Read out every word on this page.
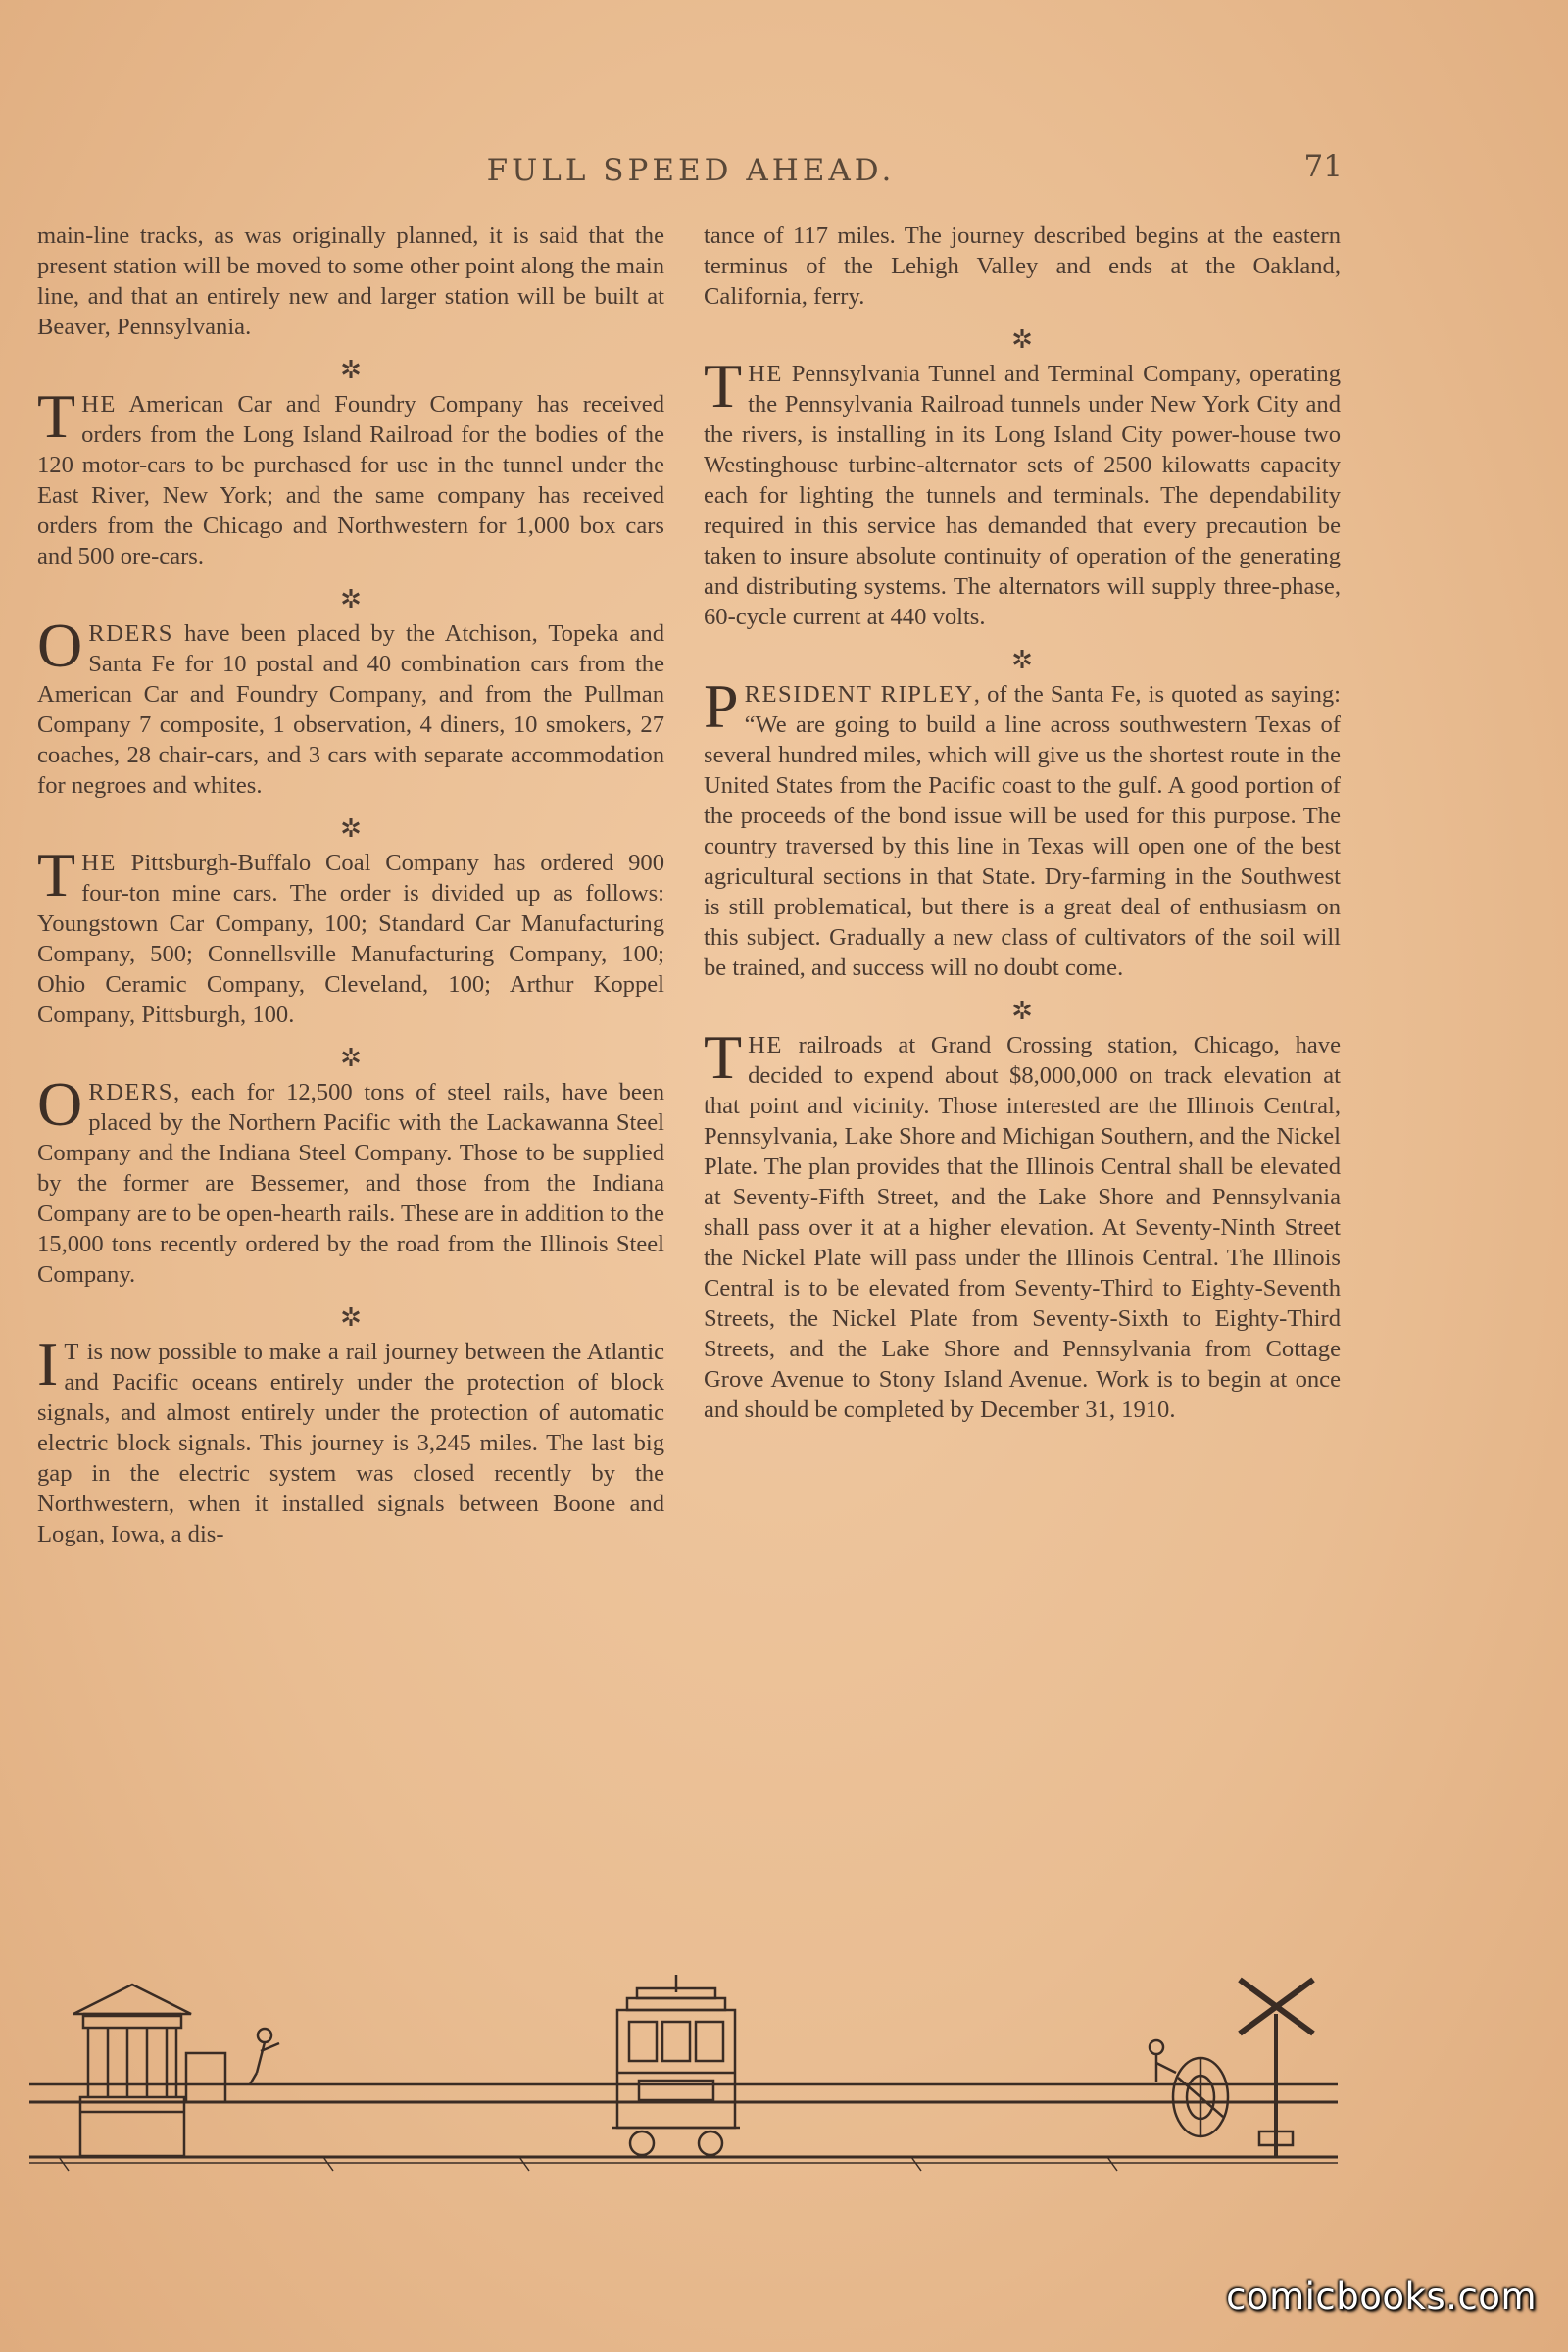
FULL SPEED AHEAD.	71

main-line tracks, as was originally planned, it is said that the present station will be moved to some other point along the main line, and that an entirely new and larger station will be built at Beaver, Pennsylvania.

✲

THE American Car and Foundry Company has received orders from the Long Island Railroad for the bodies of the 120 motor-cars to be purchased for use in the tunnel under the East River, New York; and the same company has received orders from the Chicago and Northwestern for 1,000 box cars and 500 ore-cars.

✲

ORDERS have been placed by the Atchison, Topeka and Santa Fe for 10 postal and 40 combination cars from the American Car and Foundry Company, and from the Pullman Company 7 composite, 1 observation, 4 diners, 10 smokers, 27 coaches, 28 chair-cars, and 3 cars with separate accommodation for negroes and whites.

✲

THE Pittsburgh-Buffalo Coal Company has ordered 900 four-ton mine cars. The order is divided up as follows: Youngstown Car Company, 100; Standard Car Manufacturing Company, 500; Connellsville Manufacturing Company, 100; Ohio Ceramic Company, Cleveland, 100; Arthur Koppel Company, Pittsburgh, 100.

✲

ORDERS, each for 12,500 tons of steel rails, have been placed by the Northern Pacific with the Lackawanna Steel Company and the Indiana Steel Company. Those to be supplied by the former are Bessemer, and those from the Indiana Company are to be open-hearth rails. These are in addition to the 15,000 tons recently ordered by the road from the Illinois Steel Company.

✲

I T is now possible to make a rail journey between the Atlantic and Pacific oceans entirely under the protection of block signals, and almost entirely under the protection of automatic electric block signals. This journey is 3,245 miles. The last big gap in the electric system was closed recently by the Northwestern, when it installed signals between Boone and Logan, Iowa, a dis-

tance of 117 miles. The journey described begins at the eastern terminus of the Lehigh Valley and ends at the Oakland, California, ferry.

✲

THE Pennsylvania Tunnel and Terminal Company, operating the Pennsylvania Railroad tunnels under New York City and the rivers, is installing in its Long Island City power-house two Westinghouse turbine-alternator sets of 2500 kilowatts capacity each for lighting the tunnels and terminals. The dependability required in this service has demanded that every precaution be taken to insure absolute continuity of operation of the generating and distributing systems. The alternators will supply three-phase, 60-cycle current at 440 volts.

✲

PRESIDENT RIPLEY, of the Santa Fe, is quoted as saying: “We are going to build a line across southwestern Texas of several hundred miles, which will give us the shortest route in the United States from the Pacific coast to the gulf. A good portion of the proceeds of the bond issue will be used for this purpose. The country traversed by this line in Texas will open one of the best agricultural sections in that State. Dry-farming in the Southwest is still problematical, but there is a great deal of enthusiasm on this subject. Gradually a new class of cultivators of the soil will be trained, and success will no doubt come.

✲

THE railroads at Grand Crossing station, Chicago, have decided to expend about $8,000,000 on track elevation at that point and vicinity. Those interested are the Illinois Central, Pennsylvania, Lake Shore and Michigan Southern, and the Nickel Plate. The plan provides that the Illinois Central shall be elevated at Seventy-Fifth Street, and the Lake Shore and Pennsylvania shall pass over it at a higher elevation. At Seventy-Ninth Street the Nickel Plate will pass under the Illinois Central. The Illinois Central is to be elevated from Seventy-Third to Eighty-Seventh Streets, the Nickel Plate from Seventy-Sixth to Eighty-Third Streets, and the Lake Shore and Pennsylvania from Cottage Grove Avenue to Stony Island Avenue. Work is to begin at once and should be completed by December 31, 1910.

comicbooks.com
